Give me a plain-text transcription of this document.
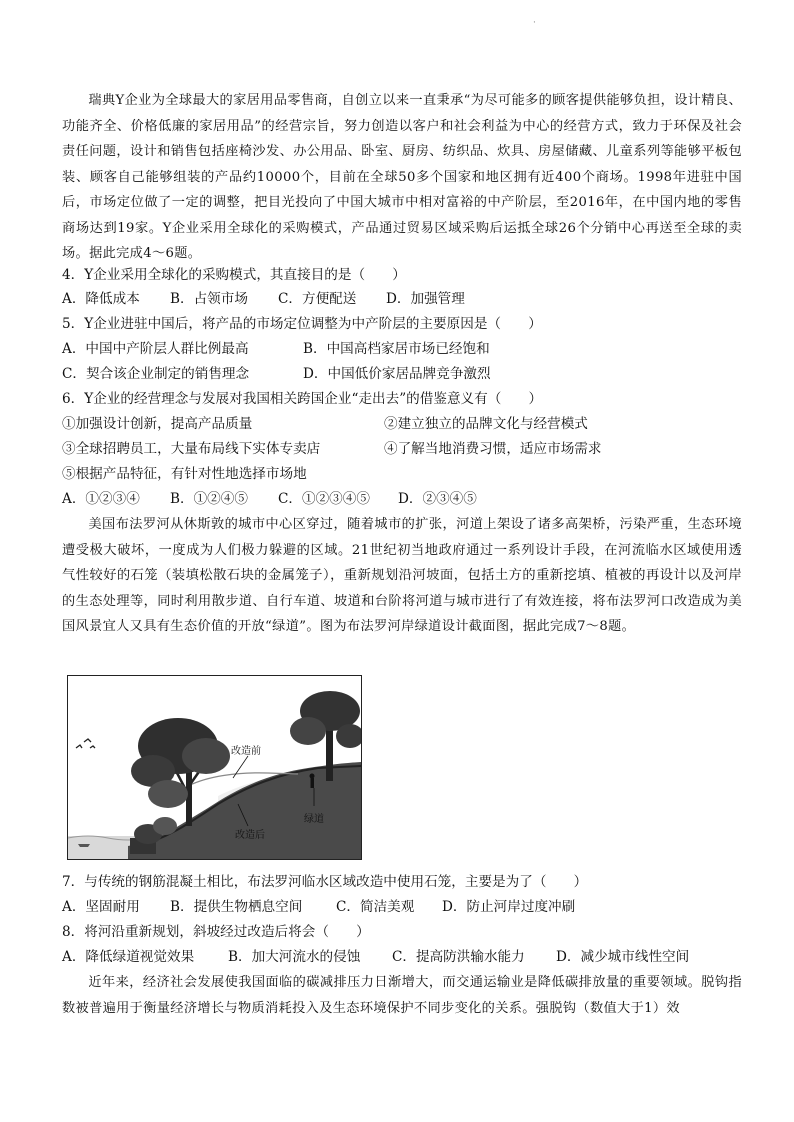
·
瑞典Y企业为全球最大的家居用品零售商，自创立以来一直秉承“为尽可能多的顾客提供能够负担，设计精良、功能齐全、价格低廉的家居用品”的经营宗旨，努力创造以客户和社会利益为中心的经营方式，致力于环保及社会责任问题，设计和销售包括座椅沙发、办公用品、卧室、厨房、纺织品、炊具、房屋储藏、儿童系列等能够平板包装、顾客自己能够组装的产品约10000个，目前在全球50多个国家和地区拥有近400个商场。1998年进驻中国后，市场定位做了一定的调整，把目光投向了中国大城市中相对富裕的中产阶层，至2016年，在中国内地的零售商场达到19家。Y企业采用全球化的采购模式，产品通过贸易区域采购后运抵全球26个分销中心再送至全球的卖场。据此完成4～6题。
4．Y企业采用全球化的采购模式，其直接目的是（　　）
A．降低成本 B．占领市场 C．方便配送 D．加强管理
5．Y企业进驻中国后，将产品的市场定位调整为中产阶层的主要原因是（　　）
A．中国中产阶层人群比例最高	B．中国高档家居市场已经饱和
C．契合该企业制定的销售理念	D．中国低价家居品牌竞争激烈
6．Y企业的经营理念与发展对我国相关跨国企业“走出去”的借鉴意义有（　　）
①加强设计创新，提高产品质量	②建立独立的品牌文化与经营模式
③全球招聘员工，大量布局线下实体专卖店	④了解当地消费习惯，适应市场需求
⑤根据产品特征，有针对性地选择市场地
A．①②③④ B．①②④⑤ C．①②③④⑤ D．②③④⑤
美国布法罗河从休斯敦的城市中心区穿过，随着城市的扩张，河道上架设了诸多高架桥，污染严重，生态环境遭受极大破坏，一度成为人们极力躲避的区域。21世纪初当地政府通过一系列设计手段，在河流临水区域使用透气性较好的石笼（装填松散石块的金属笼子），重新规划沿河坡面，包括土方的重新挖填、植被的再设计以及河岸的生态处理等，同时利用散步道、自行车道、坡道和台阶将河道与城市进行了有效连接，将布法罗河口改造成为美国风景宜人又具有生态价值的开放“绿道”。图为布法罗河岸绿道设计截面图，据此完成7～8题。
改造前
改造后
绿道
7．与传统的钢筋混凝土相比，布法罗河临水区域改造中使用石笼，主要是为了（　　）
A．坚固耐用 B．提供生物栖息空间 C．简洁美观 D．防止河岸过度冲刷
8．将河沿重新规划，斜坡经过改造后将会（　　）
A．降低绿道视觉效果 B．加大河流水的侵蚀 C．提高防洪输水能力 D．减少城市线性空间
近年来，经济社会发展使我国面临的碳减排压力日渐增大，而交通运输业是降低碳排放量的重要领域。脱钩指数被普遍用于衡量经济增长与物质消耗投入及生态环境保护不同步变化的关系。强脱钩（数值大于1）效
